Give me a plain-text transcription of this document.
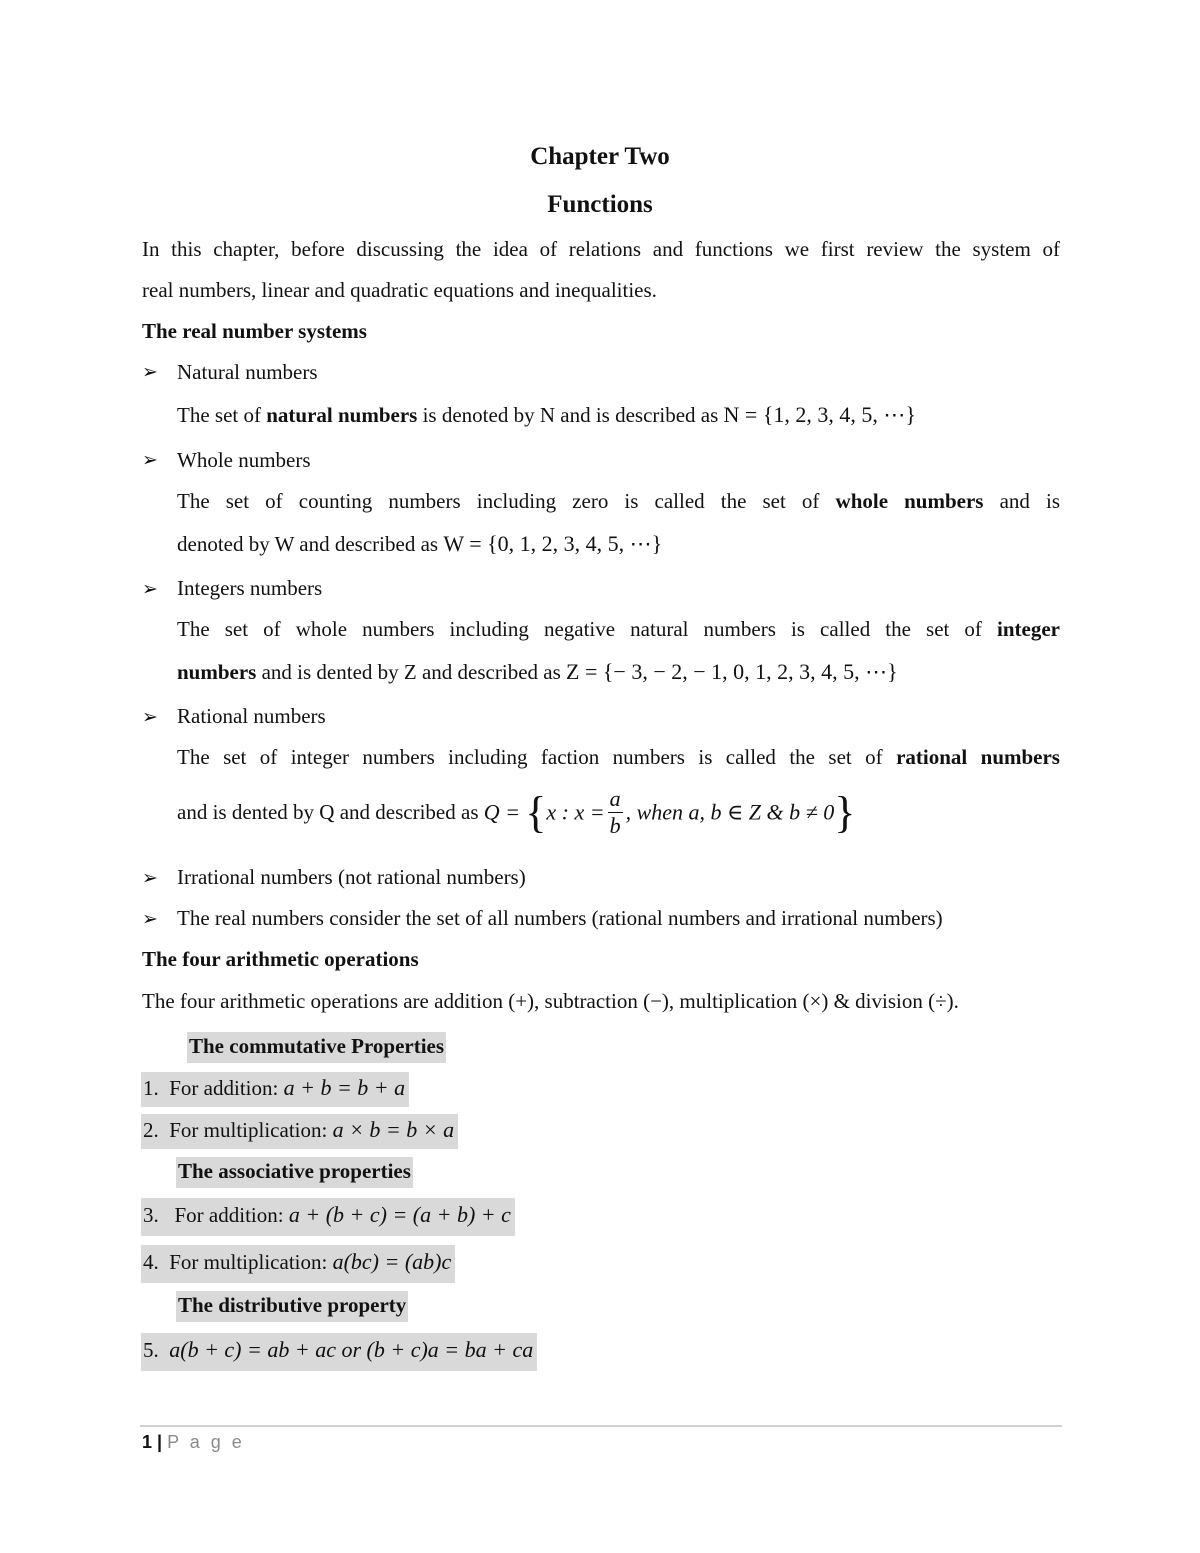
Chapter Two
Functions
In this chapter, before discussing the idea of relations and functions we first review the system of
real numbers, linear and quadratic equations and inequalities.
The real number systems
➢ Natural numbers
The set of natural numbers is denoted by N and is described as N = {1, 2, 3, 4, 5, ⋯}
➢ Whole numbers
The set of counting numbers including zero is called the set of whole numbers and is
denoted by W and described as W = {0, 1, 2, 3, 4, 5, ⋯}
➢ Integers numbers
The set of whole numbers including negative natural numbers is called the set of integer
numbers and is dented by Z and described as Z = {− 3, − 2, − 1, 0, 1, 2, 3, 4, 5, ⋯}
➢ Rational numbers
The set of integer numbers including faction numbers is called the set of rational numbers
and is dented by Q and described as Q = {x : $x = \frac{a}{b}$ , when a, b ∈ Z & b ≠ 0}
➢ Irrational numbers (not rational numbers)
➢ The real numbers consider the set of all numbers (rational numbers and irrational numbers)
The four arithmetic operations
The four arithmetic operations are addition (+), subtraction (−), multiplication (×) & division (÷).
The commutative Properties
1. For addition: a + b = b + a
2. For multiplication: a × b = b × a
The associative properties
3.   For addition: a + (b + c) = (a + b) + c
4. For multiplication: a(bc) = (ab)c
The distributive property
5. a(b + c) = ab + ac or (b + c)a = ba + ca
1 | P a g e
